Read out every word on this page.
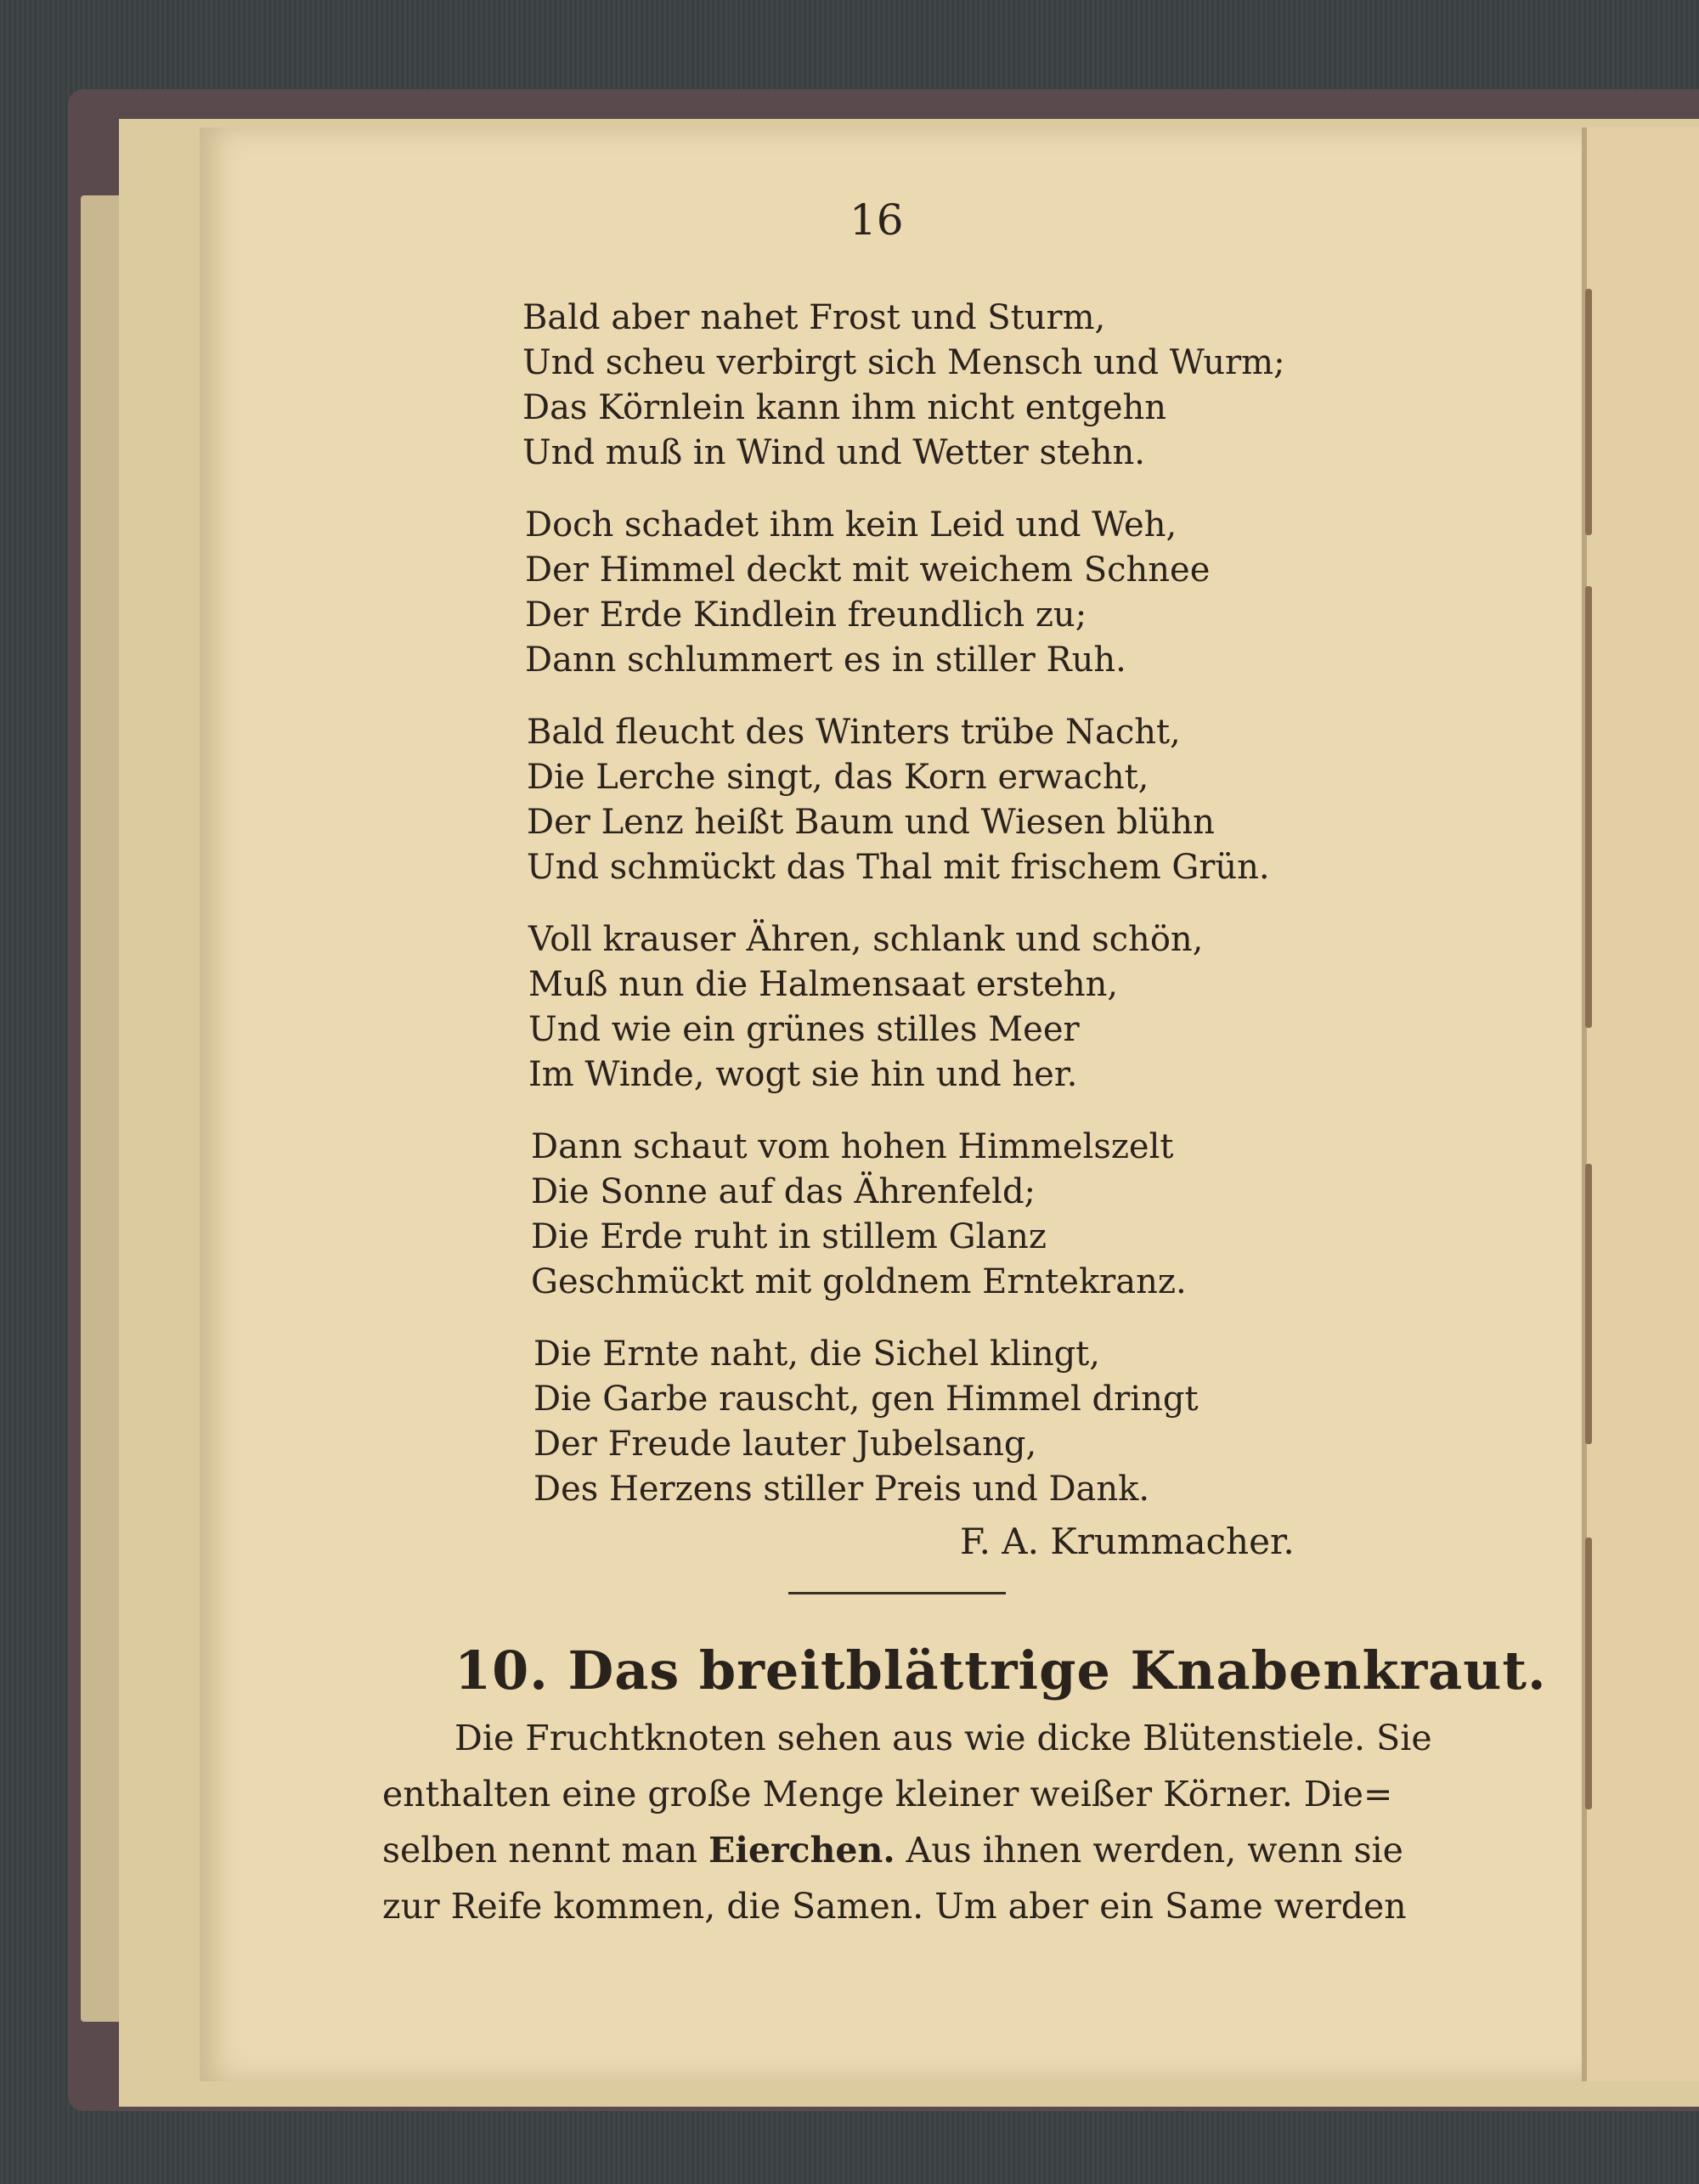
16
Bald aber nahet Frost und Sturm,
Und scheu verbirgt sich Mensch und Wurm;
Das Körnlein kann ihm nicht entgehn
Und muß in Wind und Wetter stehn.
Doch schadet ihm kein Leid und Weh,
Der Himmel deckt mit weichem Schnee
Der Erde Kindlein freundlich zu;
Dann schlummert es in stiller Ruh.
Bald fleucht des Winters trübe Nacht,
Die Lerche singt, das Korn erwacht,
Der Lenz heißt Baum und Wiesen blühn
Und schmückt das Thal mit frischem Grün.
Voll krauser Ähren, schlank und schön,
Muß nun die Halmensaat erstehn,
Und wie ein grünes stilles Meer
Im Winde, wogt sie hin und her.
Dann schaut vom hohen Himmelszelt
Die Sonne auf das Ährenfeld;
Die Erde ruht in stillem Glanz
Geschmückt mit goldnem Erntekranz.
Die Ernte naht, die Sichel klingt,
Die Garbe rauscht, gen Himmel dringt
Der Freude lauter Jubelsang,
Des Herzens stiller Preis und Dank.
F. A. Krummacher.
10. Das breitblättrige Knabenkraut.
Die Fruchtknoten sehen aus wie dicke Blütenstiele. Sie
enthalten eine große Menge kleiner weißer Körner. Die=
selben nennt man Eierchen. Aus ihnen werden, wenn sie
zur Reife kommen, die Samen. Um aber ein Same werden
